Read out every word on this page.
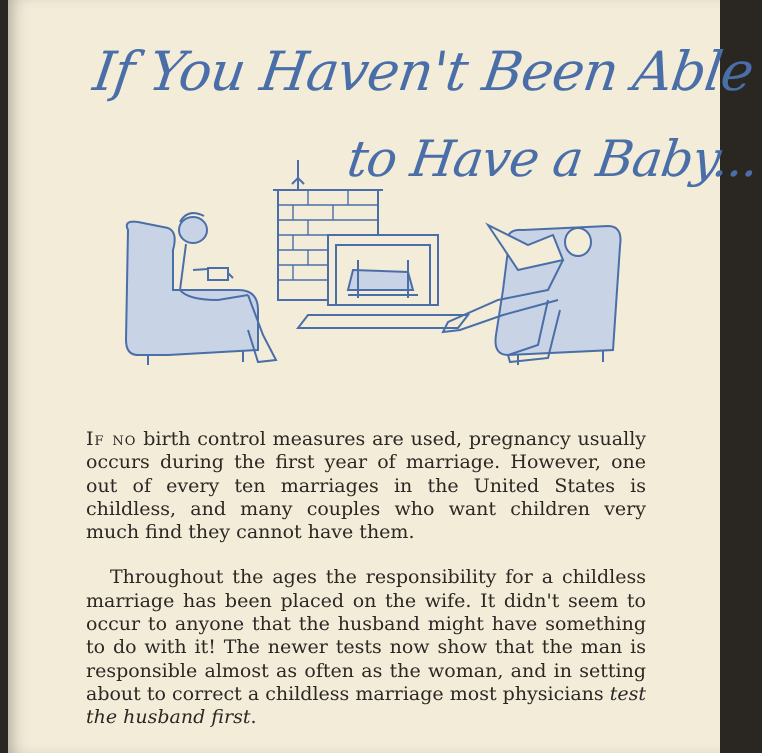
If You Haven't Been Able
to Have a Baby...

If no birth control measures are used, pregnancy usually occurs during the first year of marriage. However, one out of every ten marriages in the United States is childless, and many couples who want children very much find they cannot have them.

Throughout the ages the responsibility for a childless marriage has been placed on the wife. It didn't seem to occur to anyone that the husband might have something to do with it! The newer tests now show that the man is responsible almost as often as the woman, and in setting about to correct a childless marriage most physicians test the husband first.
